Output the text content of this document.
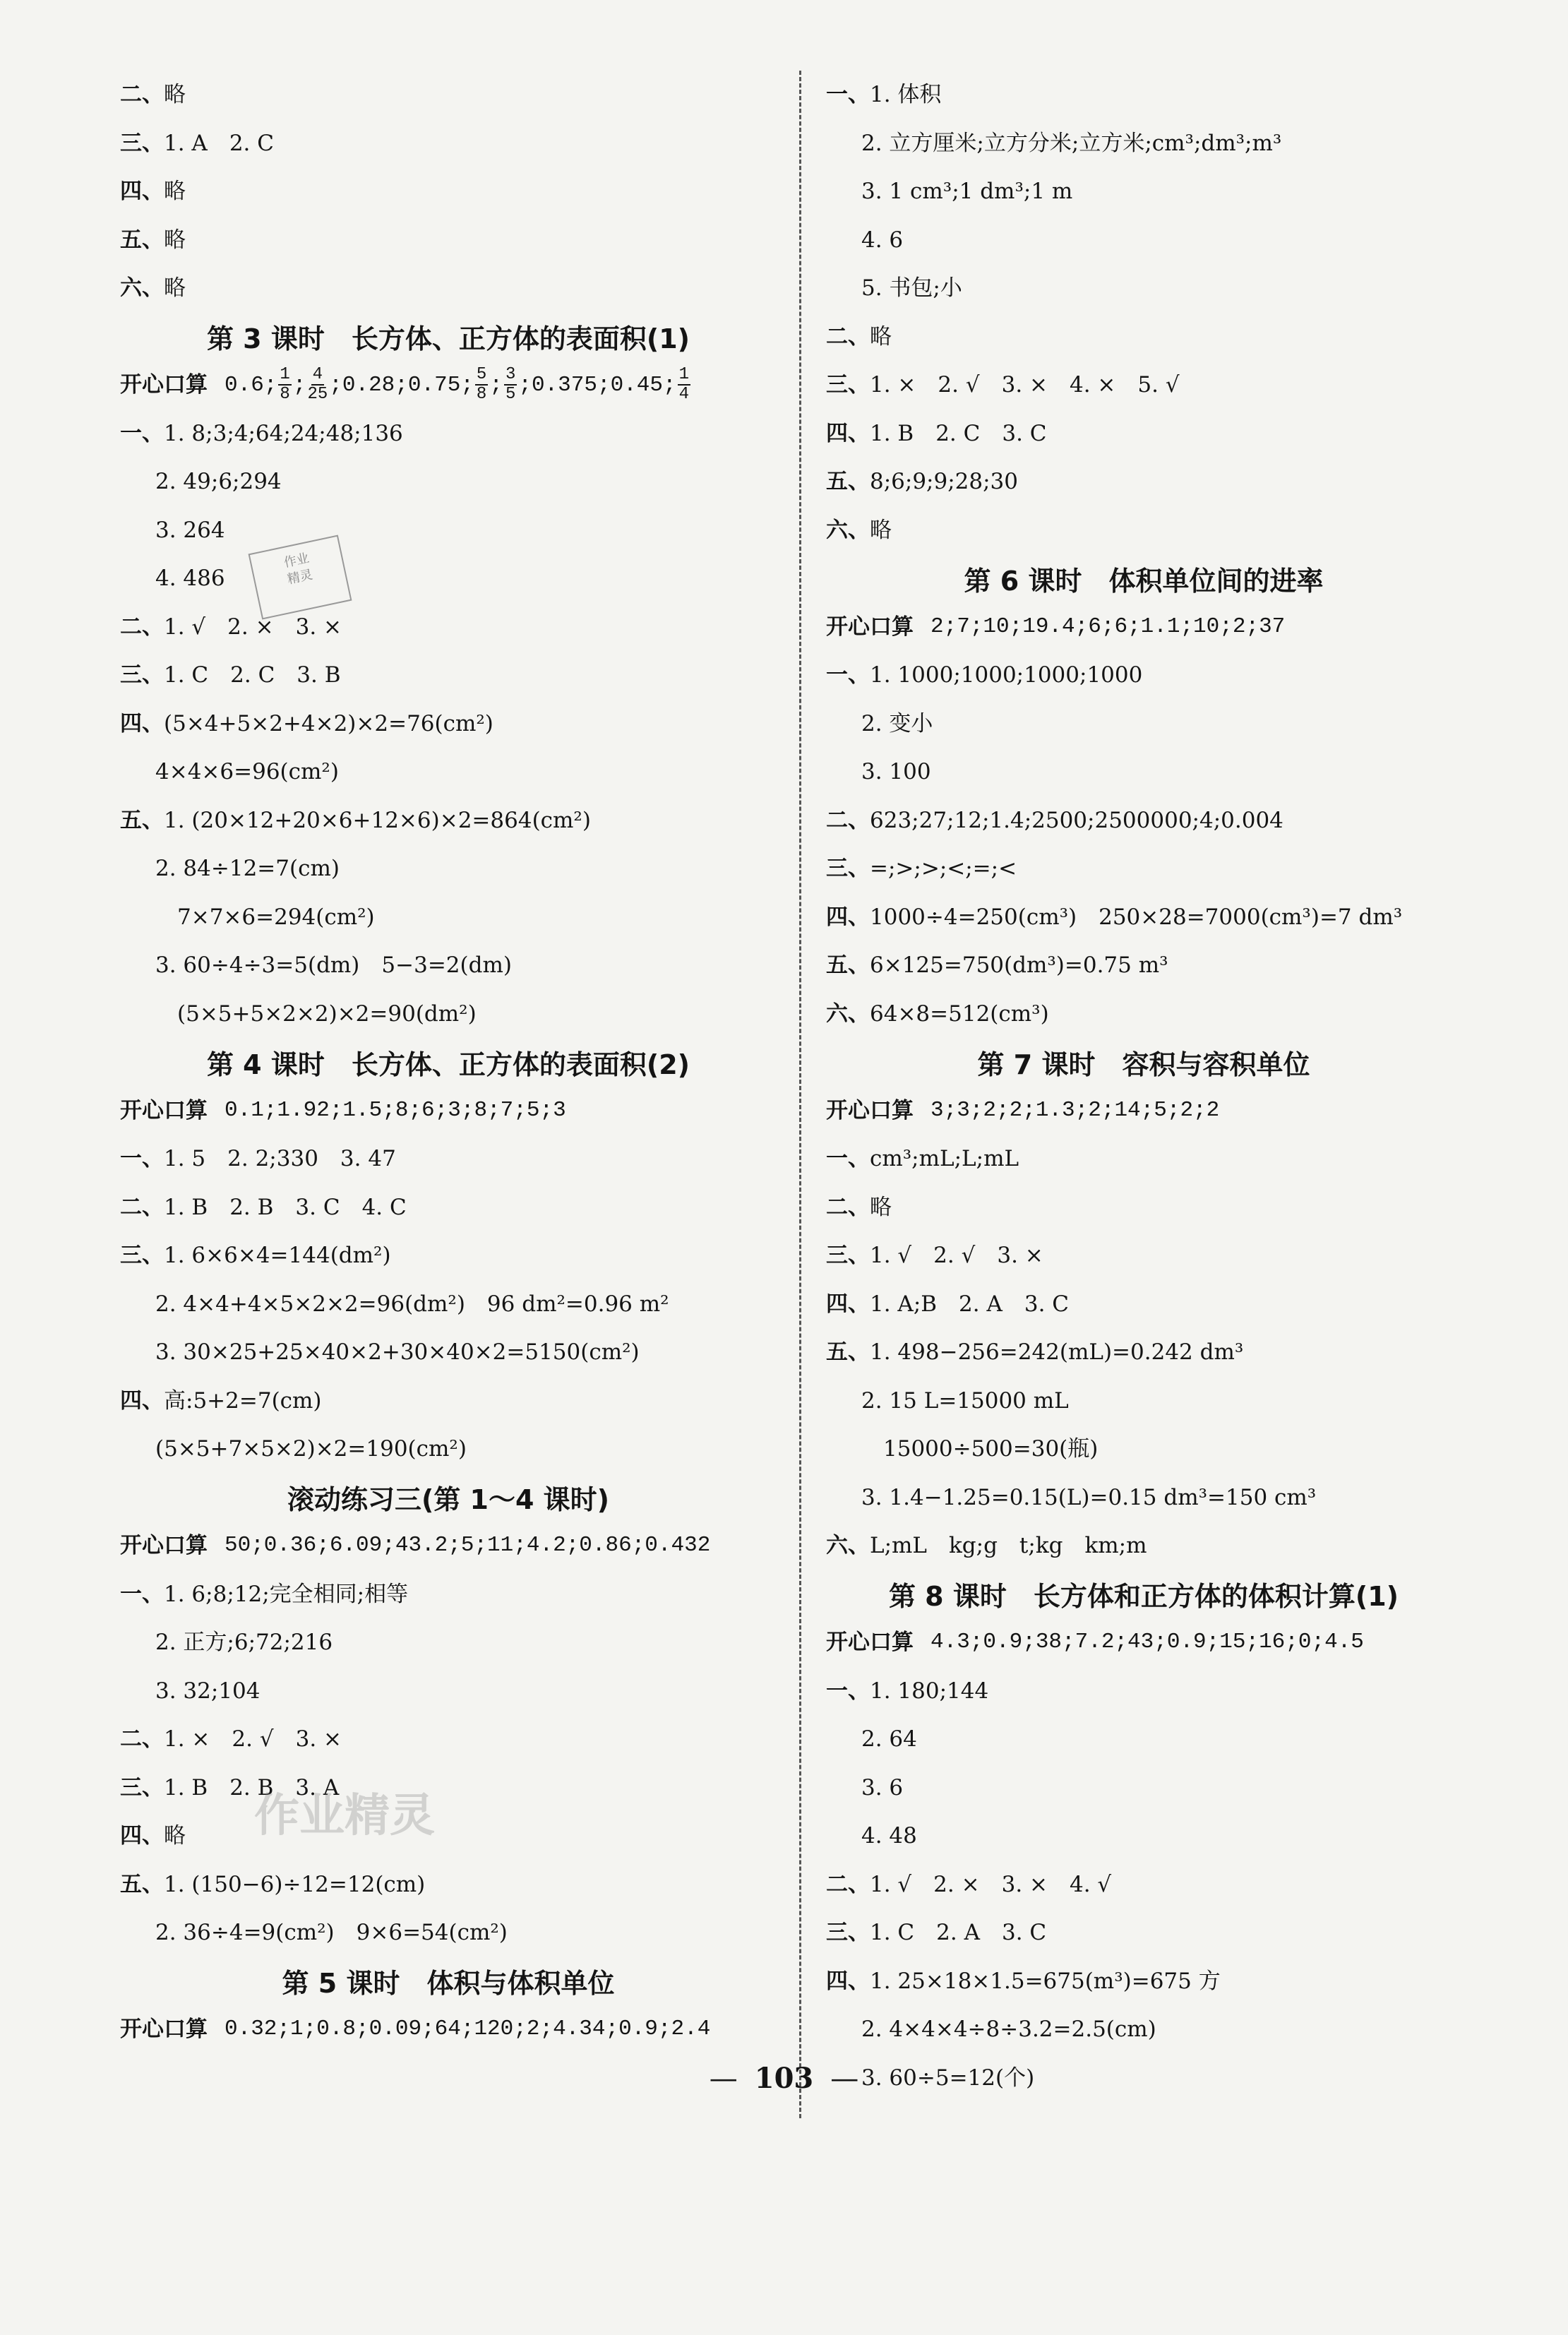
二、 略
三、 1. A　2. C
四、 略
五、 略
六、 略
第 3 课时　长方体、正方体的表面积(1)
开心口算 0.6; $\frac{1}{8}$ ; $\frac{4}{25}$ ;0.28;0.75; $\frac{5}{8}$ ; $\frac{3}{5}$ ;0.375;0.45; $\frac{1}{4}$
一、 1. 8;3;4;64;24;48;136
2. 49;6;294
3. 264
4. 486
二、 1. √　2. ×　3. ×
三、 1. C　2. C　3. B
四、 (5×4+5×2+4×2)×2=76(cm²)
4×4×6=96(cm²)
五、 1. (20×12+20×6+12×6)×2=864(cm²)
2. 84÷12=7(cm)
　7×7×6=294(cm²)
3. 60÷4÷3=5(dm)　5−3=2(dm)
　(5×5+5×2×2)×2=90(dm²)
第 4 课时　长方体、正方体的表面积(2)
开心口算 0.1;1.92;1.5;8;6;3;8;7;5;3
一、 1. 5　2. 2;330　3. 47
二、 1. B　2. B　3. C　4. C
三、 1. 6×6×4=144(dm²)
2. 4×4+4×5×2×2=96(dm²)　96 dm²=0.96 m²
3. 30×25+25×40×2+30×40×2=5150(cm²)
四、 高:5+2=7(cm)
(5×5+7×5×2)×2=190(cm²)
滚动练习三(第 1～4 课时)
开心口算 50;0.36;6.09;43.2;5;11;4.2;0.86;0.432
一、 1. 6;8;12;完全相同;相等
2. 正方;6;72;216
3. 32;104
二、 1. ×　2. √　3. ×
三、 1. B　2. B　3. A
四、 略
五、 1. (150−6)÷12=12(cm)
2. 36÷4=9(cm²)　9×6=54(cm²)
第 5 课时　体积与体积单位
开心口算 0.32;1;0.8;0.09;64;120;2;4.34;0.9;2.4
一、 1. 体积
2. 立方厘米;立方分米;立方米;cm³;dm³;m³
3. 1 cm³;1 dm³;1 m
4. 6
5. 书包;小
二、 略
三、 1. ×　2. √　3. ×　4. ×　5. √
四、 1. B　2. C　3. C
五、 8;6;9;9;28;30
六、 略
第 6 课时　体积单位间的进率
开心口算 2;7;10;19.4;6;6;1.1;10;2;37
一、 1. 1000;1000;1000;1000
2. 变小
3. 100
二、 623;27;12;1.4;2500;2500000;4;0.004
三、 =;>;>;<;=;<
四、 1000÷4=250(cm³)　250×28=7000(cm³)=7 dm³
五、 6×125=750(dm³)=0.75 m³
六、 64×8=512(cm³)
第 7 课时　容积与容积单位
开心口算 3;3;2;2;1.3;2;14;5;2;2
一、 cm³;mL;L;mL
二、 略
三、 1. √　2. √　3. ×
四、 1. A;B　2. A　3. C
五、 1. 498−256=242(mL)=0.242 dm³
2. 15 L=15000 mL
　15000÷500=30(瓶)
3. 1.4−1.25=0.15(L)=0.15 dm³=150 cm³
六、 L;mL　kg;g　t;kg　km;m
第 8 课时　长方体和正方体的体积计算(1)
开心口算 4.3;0.9;38;7.2;43;0.9;15;16;0;4.5
一、 1. 180;144
2. 64
3. 6
4. 48
二、 1. √　2. ×　3. ×　4. √
三、 1. C　2. A　3. C
四、 1. 25×18×1.5=675(m³)=675 方
2. 4×4×4÷8÷3.2=2.5(cm)
3. 60÷5=12(个)
作业
精灵
作业精灵
— 103 —
